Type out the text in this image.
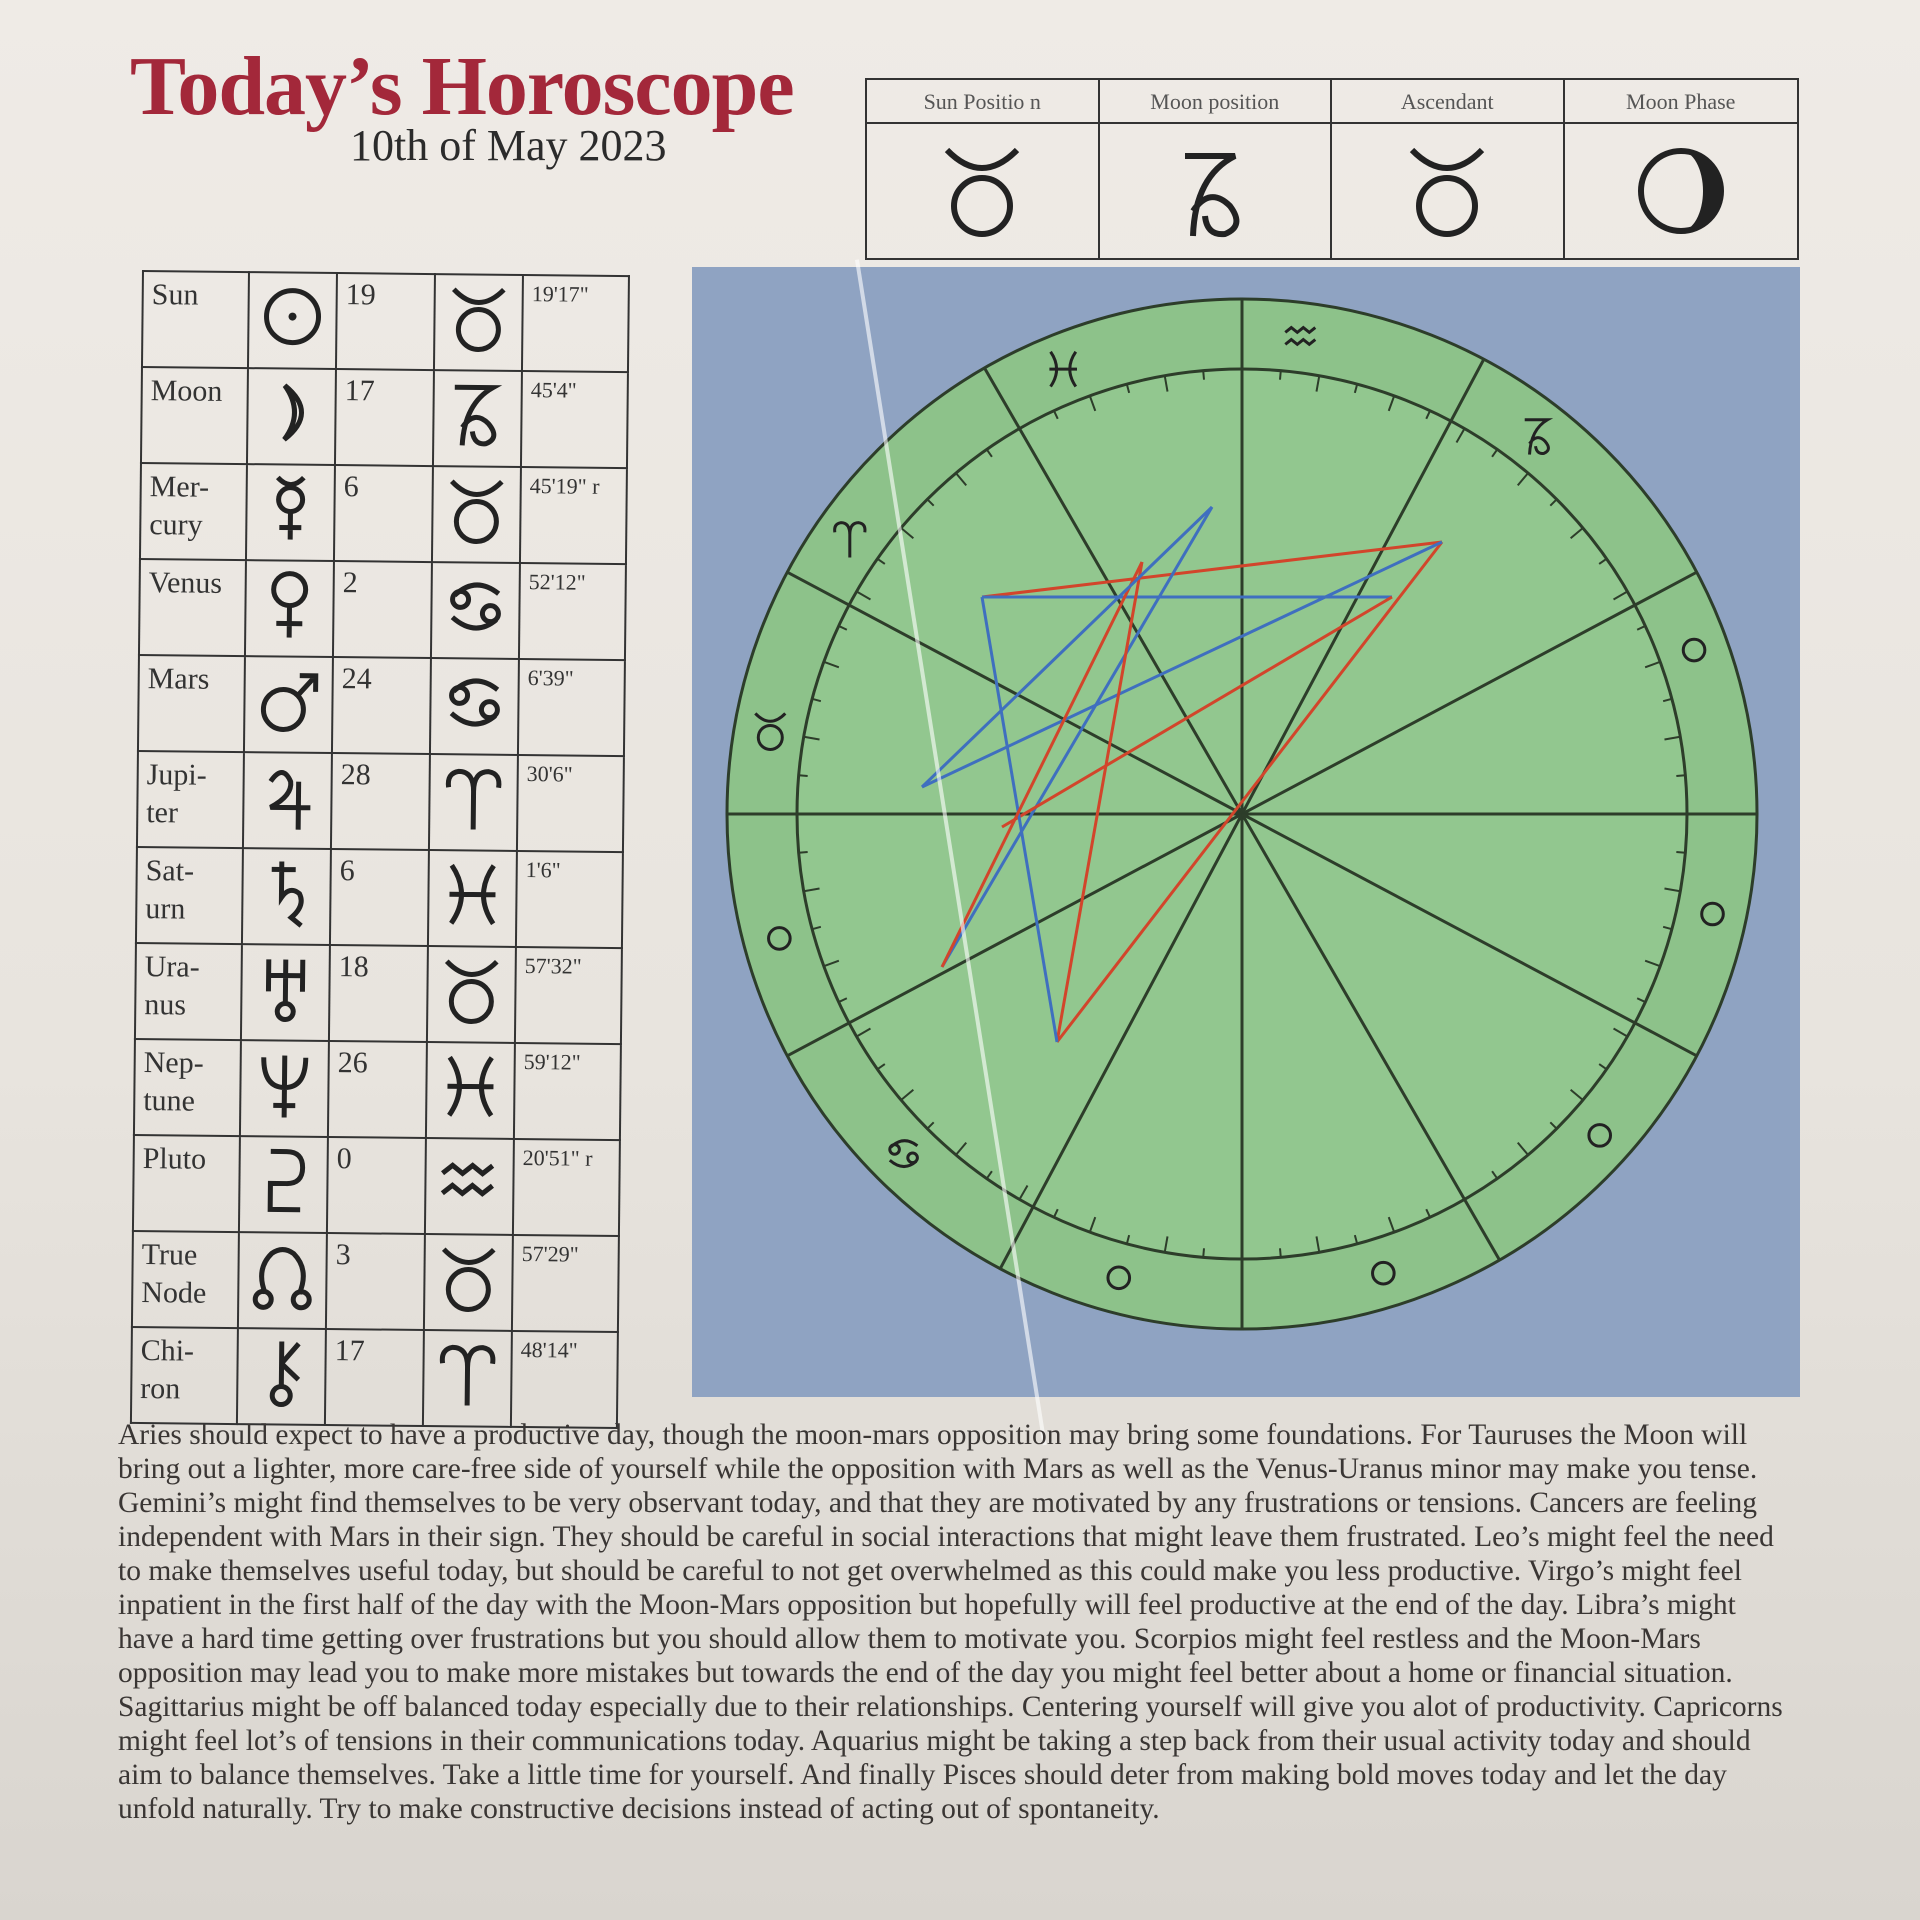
Today’s Horoscope
10th of May 2023
Sun Positio n	Moon position	Ascendant	Moon Phase
Sun		19		19'17"
Moon		17		45'4"
Mer-cury		6		45'19" r
Venus		2		52'12"
Mars		24		6'39"
Jupi-ter		28		30'6"
Sat-urn		6		1'6"
Ura-nus		18		57'32"
Nep-tune		26		59'12"
Pluto		0		20'51" r
True Node		3		57'29"
Chi-ron		17		48'14"

Aries should expect to have a productive day, though the moon-mars opposition may bring some foundations. For Tauruses the Moon will bring out a lighter, more care-free side of yourself while the opposition with Mars as well as the Venus-Uranus minor may make you tense. Gemini’s might find themselves to be very observant today, and that they are motivated by any frustrations or tensions. Cancers are feeling independent with Mars in their sign. They should be careful in social interactions that might leave them frustrated. Leo’s might feel the need to make themselves useful today, but should be careful to not get overwhelmed as this could make you less productive. Virgo’s might feel inpatient in the first half of the day with the Moon-Mars opposition but hopefully will feel productive at the end of the day. Libra’s might have a hard time getting over frustrations but you should allow them to motivate you. Scorpios might feel restless and the Moon-Mars opposition may lead you to make more mistakes but towards the end of the day you might feel better about a home or financial situation. Sagittarius might be off balanced today especially due to their relationships. Centering yourself will give you alot of productivity. Capricorns might feel lot’s of tensions in their communications today. Aquarius might be taking a step back from their usual activity today and should aim to balance themselves. Take a little time for yourself. And finally Pisces should deter from making bold moves today and let the day unfold naturally. Try to make constructive decisions instead of acting out of spontaneity.
